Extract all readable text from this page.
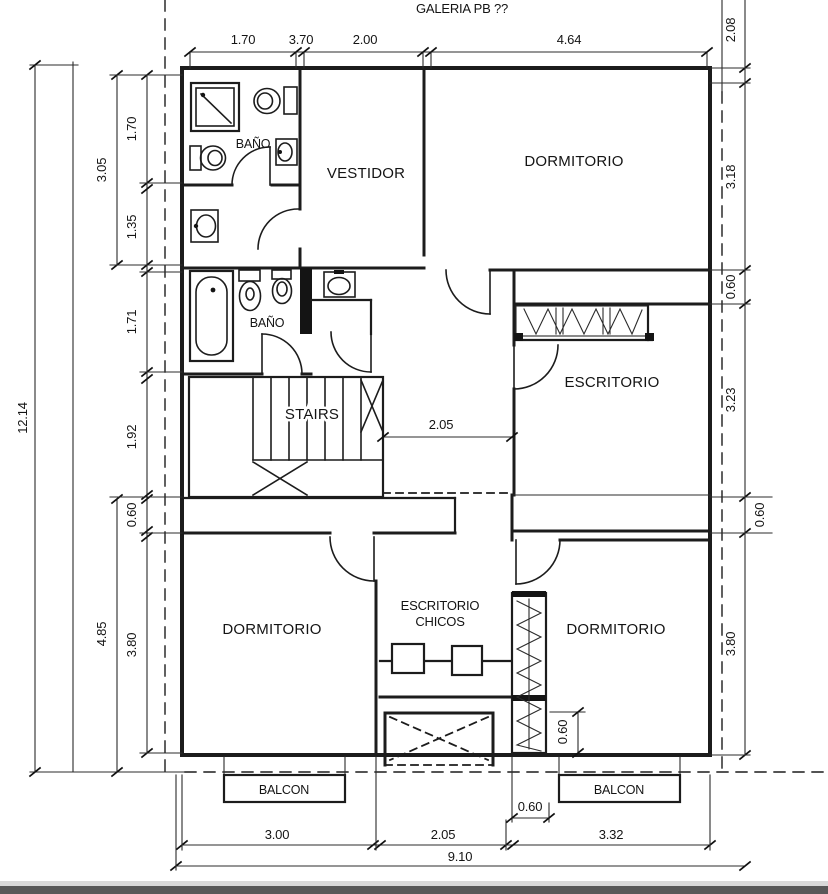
GALERIA PB ??
1.70	3.70	2.00	4.64
12.14
3.05
1.70
1.35
1.71
1.92
4.85
0.60
3.80
2.08
3.18
0.60
3.23
0.60
3.80
3.00	2.05	3.32
9.10
0.60
2.05
0.60
BAÑO
BAÑO
VESTIDOR
DORMITORIO
ESCRITORIO
STAIRS
DORMITORIO	DORMITORIO
ESCRITORIO
CHICOS
BALCON	BALCON
